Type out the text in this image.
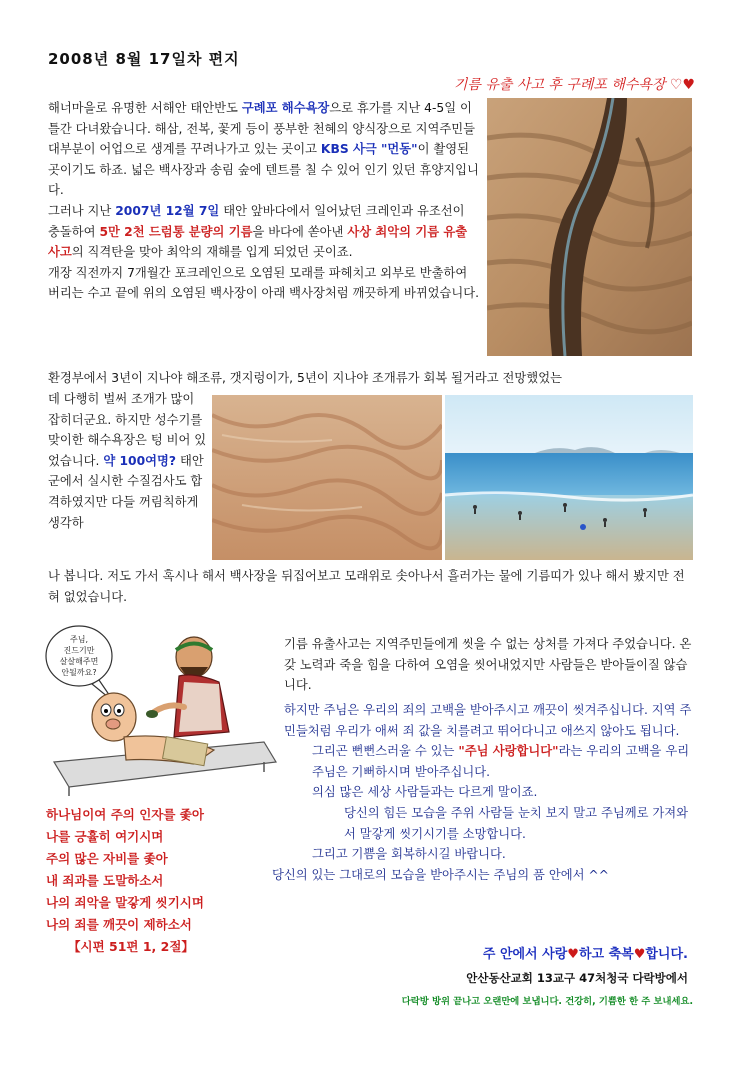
2008년 8월 17일차 편지
기름 유출 사고 후 구례포 해수욕장 ♡♥
해너마을로 유명한 서해안 태안반도 구례포 해수욕장으로 휴가를 지난 4-5일 이틀간 다녀왔습니다. 해삼, 전복, 꽃게 등이 풍부한 천혜의 양식장으로 지역주민들 대부분이 어업으로 생계를 꾸려나가고 있는 곳이고 KBS 사극 "먼동"이 촬영된 곳이기도 하죠. 넓은 백사장과 송림 숲에 텐트를 칠 수 있어 인기 있던 휴양지입니다.
그러나 지난 2007년 12월 7일 태안 앞바다에서 일어났던 크레인과 유조선이 충돌하여 5만 2천 드럼통 분량의 기름을 바다에 쏟아낸 사상 최악의 기름 유출 사고의 직격탄을 맞아 최악의 재해를 입게 되었던 곳이죠.
개장 직전까지 7개월간 포크레인으로 오염된 모래를 파헤치고 외부로 반출하여 버리는 수고 끝에 위의 오염된 백사장이 아래 백사장처럼 깨끗하게 바뀌었습니다.
환경부에서 3년이 지나야 해조류, 갯지렁이가, 5년이 지나야 조개류가 회복 될거라고 전망했었는
데 다행히 벌써 조개가 많이 잡히더군요. 하지만 성수기를 맞이한 해수욕장은 텅 비어 있었습니다. 약 100여명? 태안군에서 실시한 수질검사도 합격하였지만 다들 꺼림칙하게 생각하
나 봅니다. 저도 가서 혹시나 해서 백사장을 뒤집어보고 모래위로 솟아나서 흘러가는 물에 기름띠가 있나 해서 봤지만 전혀 없었습니다.
주님,
진드기만
살살해주면
안될까요?
기름 유출사고는 지역주민들에게 씻을 수 없는 상처를 가져다 주었습니다. 온갖 노력과 죽을 힘을 다하여 오염을 씻어내었지만 사람들은 받아들이질 않습니다.
하지만 주님은 우리의 죄의 고백을 받아주시고 깨끗이 씻겨주십니다. 지역 주민들처럼 우리가 애써 죄 값을 치를려고 뛰어다니고 애쓰지 않아도 됩니다.
그리곤 뻔뻔스러울 수 있는 "주님 사랑합니다"라는 우리의 고백을 우리 주님은 기뻐하시며 받아주십니다.
의심 많은 세상 사람들과는 다르게 말이죠.
당신의 힘든 모습을 주위 사람들 눈치 보지 말고 주님께로 가져와서 말갛게 씻기시기를 소망합니다.
그리고 기쁨을 회복하시길 바랍니다.
당신의 있는 그대로의 모습을 받아주시는 주님의 품 안에서 ^^
하나님이여 주의 인자를 좇아
나를 긍휼히 여기시며
주의 많은 자비를 좇아
내 죄과를 도말하소서
나의 죄악을 말갛게 씻기시며
나의 죄를 깨끗이 제하소서
【시편 51편 1, 2절】
주 안에서 사랑♥하고 축복♥합니다.
안산동산교회 13교구 47처청국 다락방에서
다락방 방위 끝나고 오랜만에 보냅니다. 건강히, 기쁨한 한 주 보내세요.
